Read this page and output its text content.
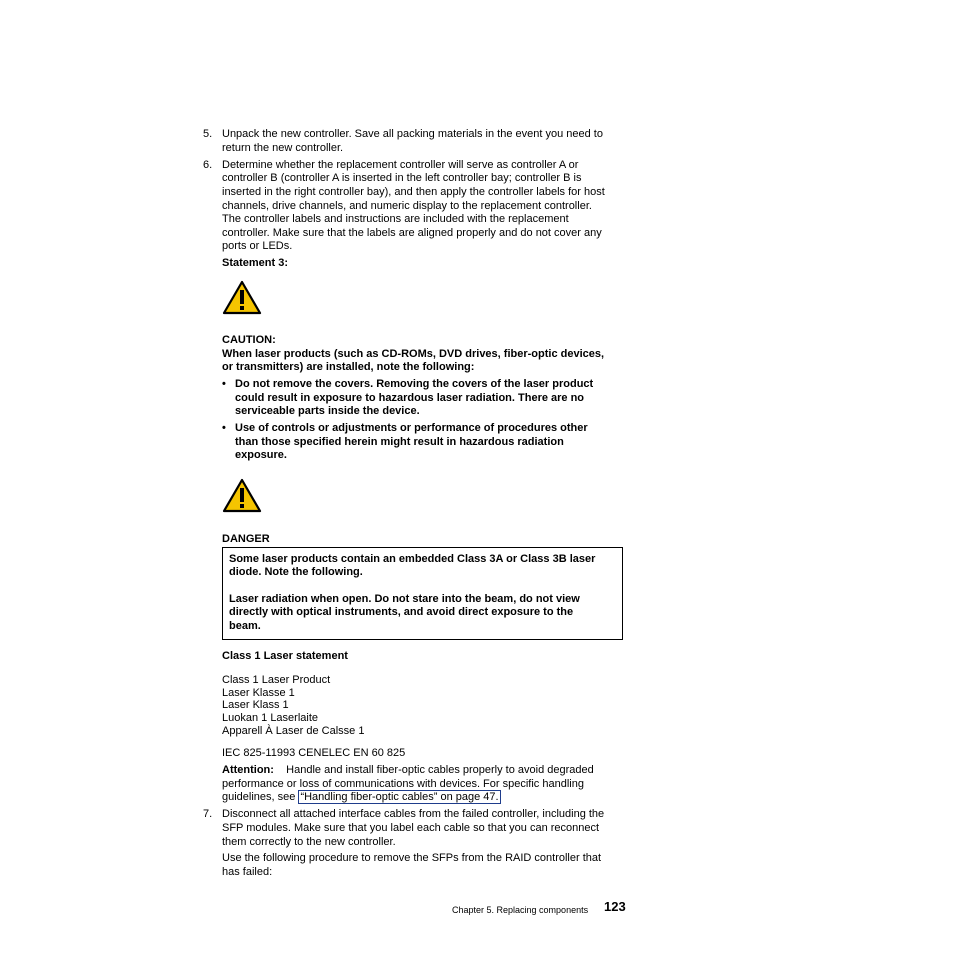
5. Unpack the new controller. Save all packing materials in the event you need to
return the new controller.
6. Determine whether the replacement controller will serve as controller A or
controller B (controller A is inserted in the left controller bay; controller B is
inserted in the right controller bay), and then apply the controller labels for host
channels, drive channels, and numeric display to the replacement controller.
The controller labels and instructions are included with the replacement
controller. Make sure that the labels are aligned properly and do not cover any
ports or LEDs.
Statement 3:
CAUTION:
When laser products (such as CD-ROMs, DVD drives, fiber-optic devices,
or transmitters) are installed, note the following:
• Do not remove the covers. Removing the covers of the laser product
could result in exposure to hazardous laser radiation. There are no
serviceable parts inside the device.
• Use of controls or adjustments or performance of procedures other
than those specified herein might result in hazardous radiation
exposure.
DANGER

Some laser products contain an embedded Class 3A or Class 3B laser

diode. Note the following.

Laser radiation when open. Do not stare into the beam, do not view

directly with optical instruments, and avoid direct exposure to the

beam.

Class 1 Laser statement
Class 1 Laser Product
Laser Klasse 1
Laser Klass 1
Luokan 1 Laserlaite
Apparell À Laser de Calsse 1
IEC 825-11993 CENELEC EN 60 825
Attention: Handle and install fiber-optic cables properly to avoid degraded
performance or loss of communications with devices. For specific handling
guidelines, see “Handling fiber-optic cables” on page 47.
7. Disconnect all attached interface cables from the failed controller, including the
SFP modules. Make sure that you label each cable so that you can reconnect
them correctly to the new controller.
Use the following procedure to remove the SFPs from the RAID controller that
has failed:
Chapter 5. Replacing components 123
